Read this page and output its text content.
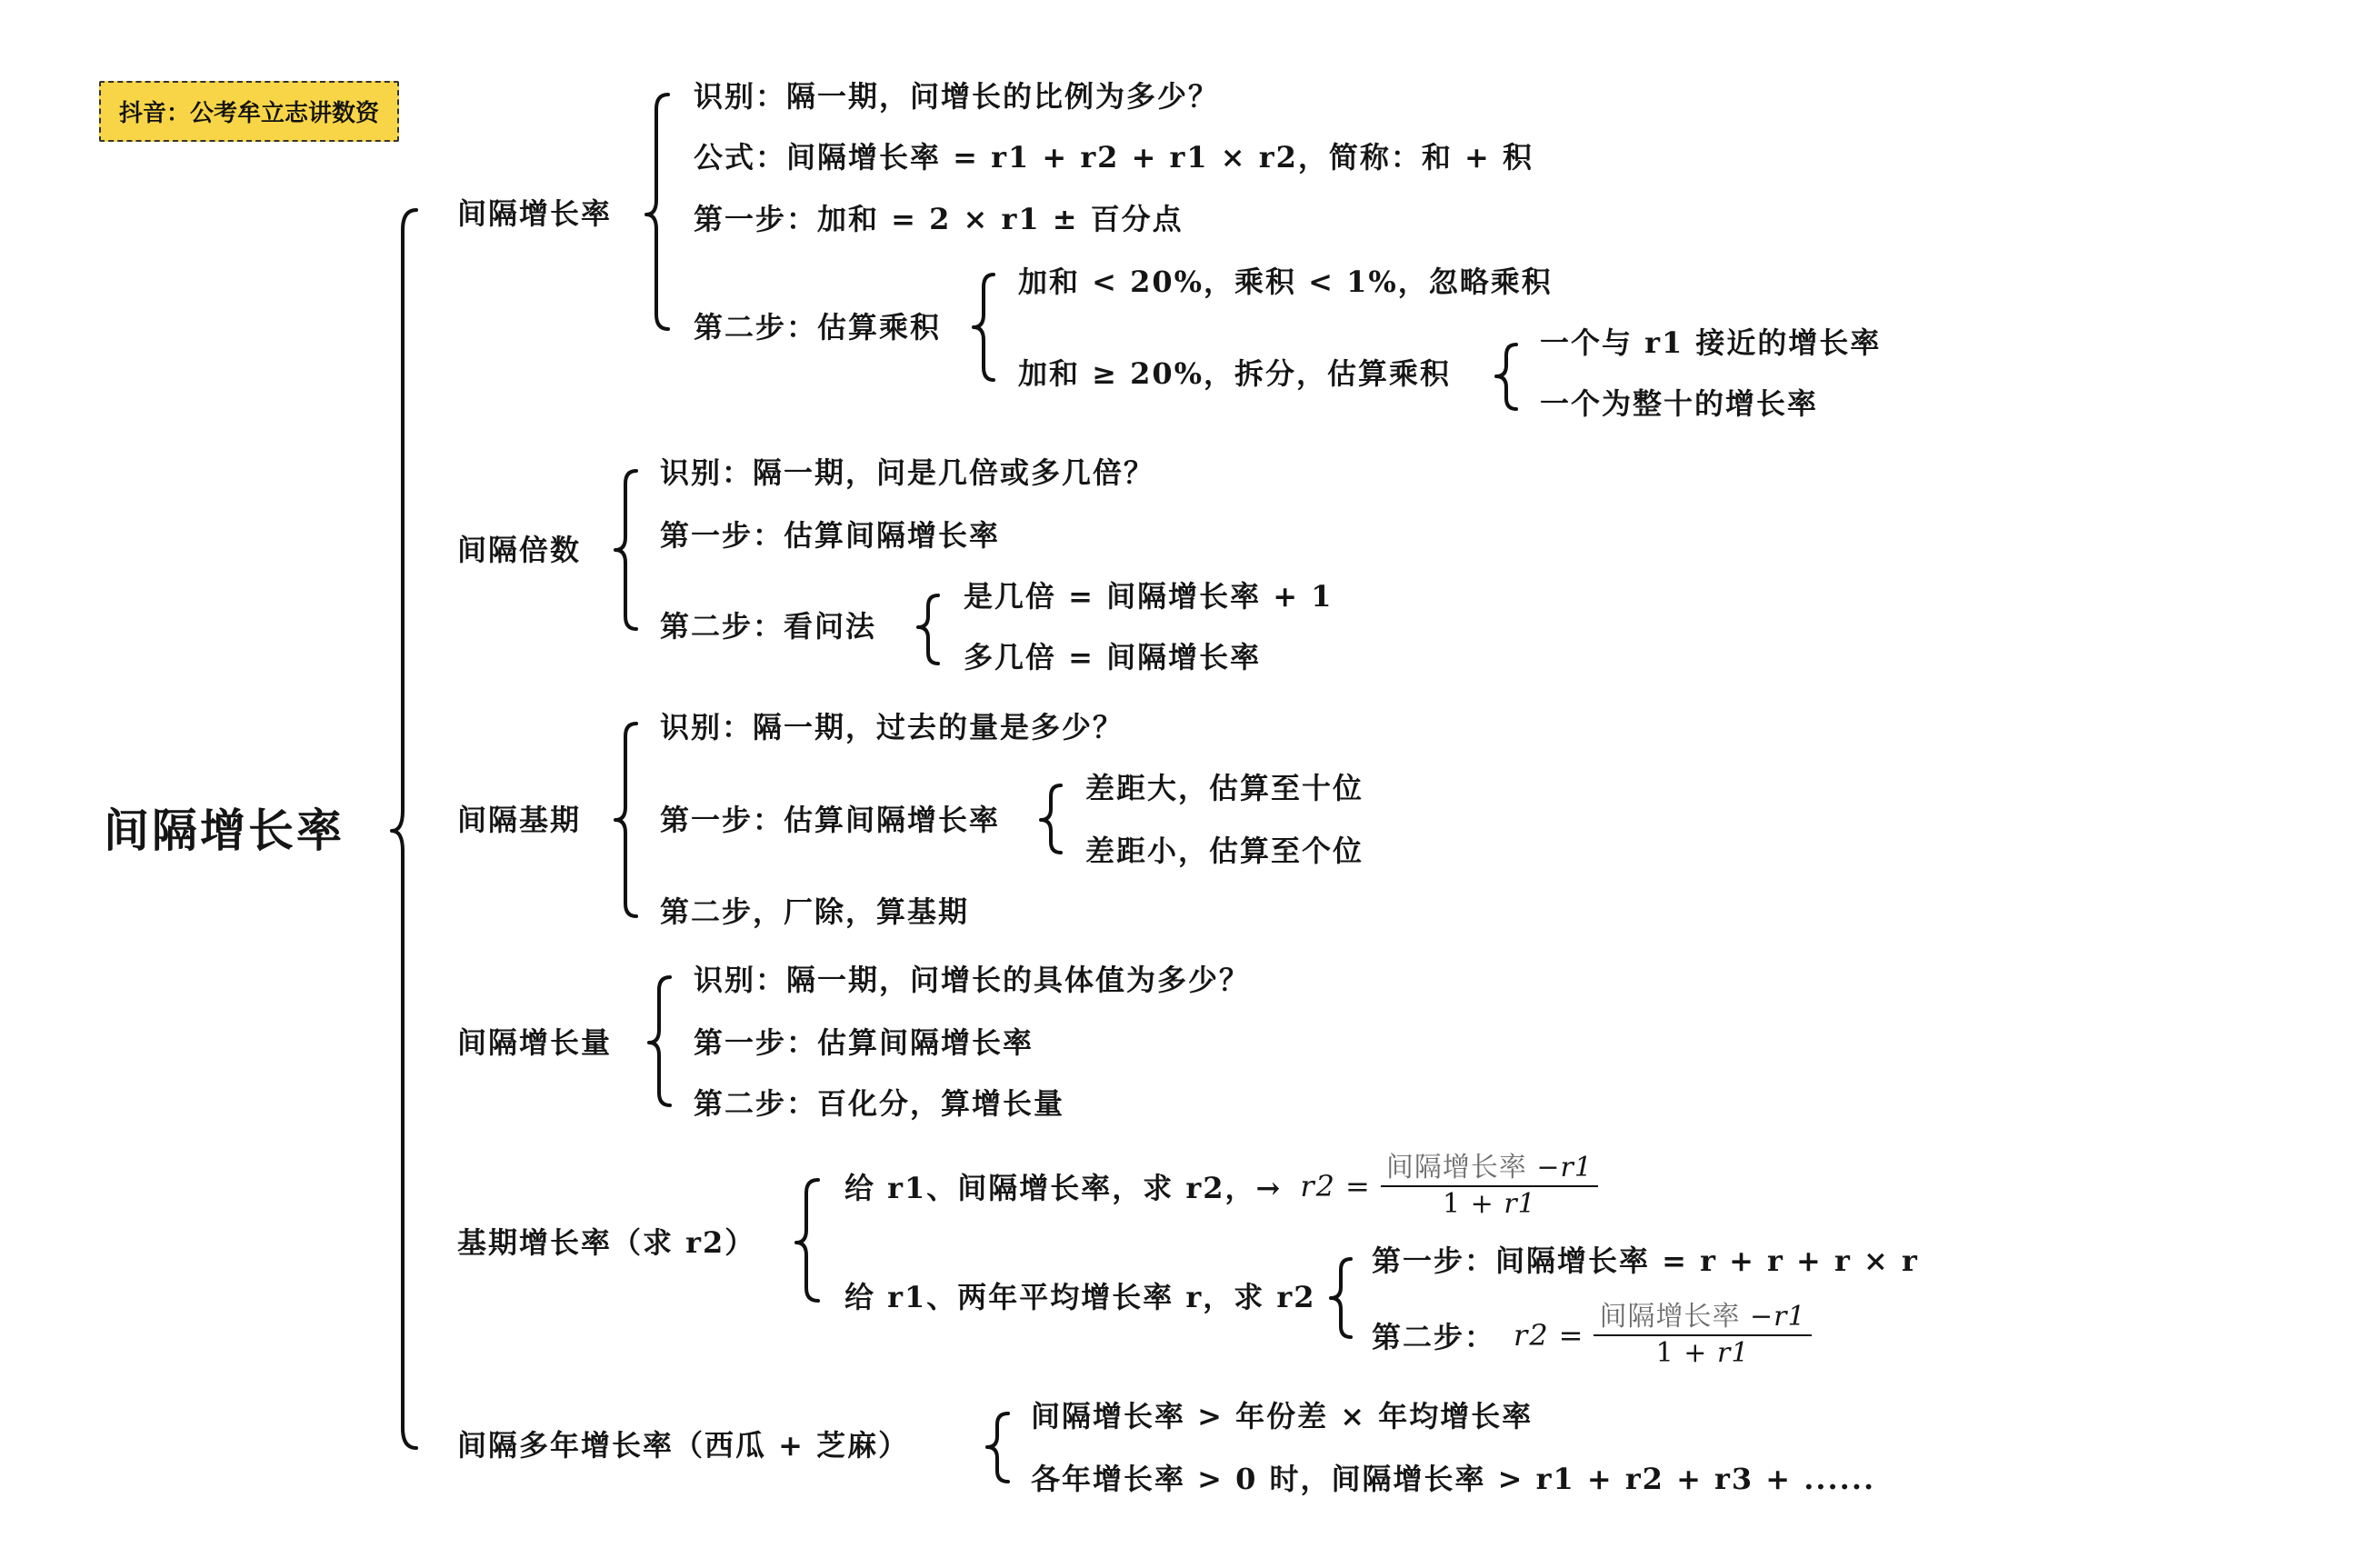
抖音：公考牟立志讲数资
间隔增长率
间隔增长率
间隔倍数
间隔基期
间隔增长量
基期增长率（求 r2）
间隔多年增长率（西瓜 + 芝麻）
识别：隔一期，问增长的比例为多少？
公式：间隔增长率 = r1 + r2 + r1 × r2，简称：和 + 积
第一步：加和 = 2 × r1 ± 百分点
第二步：估算乘积
加和 < 20%，乘积 < 1%，忽略乘积
加和 ≥ 20%，拆分，估算乘积
一个与 r1 接近的增长率
一个为整十的增长率
识别：隔一期，问是几倍或多几倍？
第一步：估算间隔增长率
第二步：看问法
是几倍 = 间隔增长率 + 1
多几倍 = 间隔增长率
识别：隔一期，过去的量是多少？
第一步：估算间隔增长率
第二步，厂除，算基期
差距大，估算至十位
差距小，估算至个位
识别：隔一期，问增长的具体值为多少？
第一步：估算间隔增长率
第二步：百化分，算增长量
给 r1、间隔增长率，求 r2，→ $r2 = \frac{\text{间隔增长率 −r1}}{1 + r1}$
给 r1、两年平均增长率 r，求 r2
第一步：间隔增长率 = r + r + r × r
第二步： $r2 = \frac{\text{间隔增长率 −r1}}{1 + r1}$
间隔增长率 > 年份差 × 年均增长率
各年增长率 > 0 时，间隔增长率 > r1 + r2 + r3 + ......
